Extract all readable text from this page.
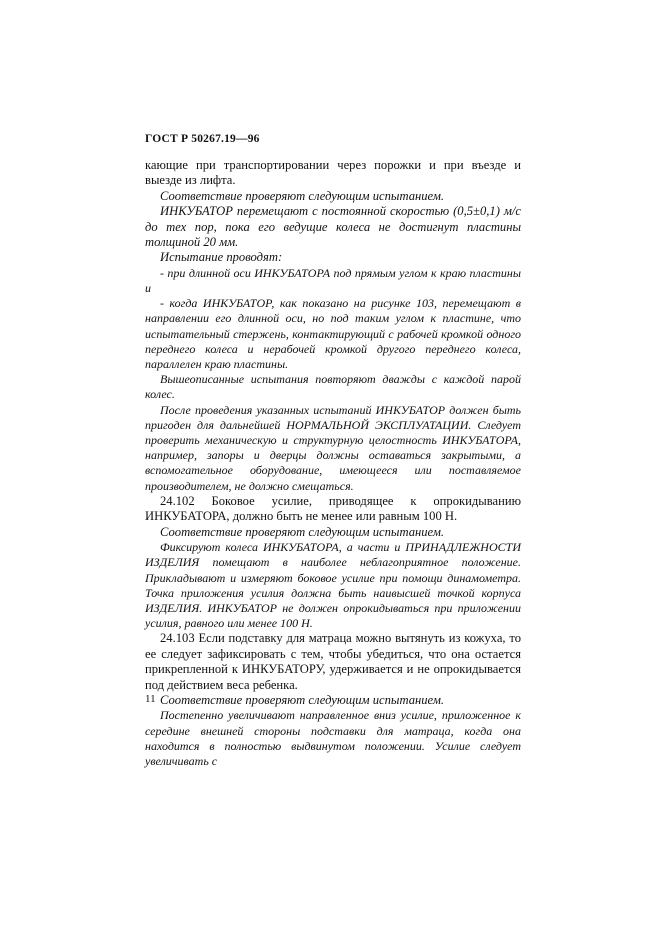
ГОСТ Р 50267.19—96

кающие при транспортировании через порожки и при въезде и выезде из лифта.

Соответствие проверяют следующим испытанием.

ИНКУБАТОР перемещают с постоянной скоростью (0,5±0,1) м/с до тех пор, пока его ведущие колеса не достигнут пластины толщиной 20 мм.

Испытание проводят:

- при длинной оси ИНКУБАТОРА под прямым углом к краю пластины и

- когда ИНКУБАТОР, как показано на рисунке 103, перемещают в направлении его длинной оси, но под таким углом к пластине, что испытательный стержень, контактирующий с рабочей кромкой одного переднего колеса и нерабочей кромкой другого переднего колеса, параллелен краю пластины.

Вышеописанные испытания повторяют дважды с каждой парой колес.

После проведения указанных испытаний ИНКУБАТОР должен быть пригоден для дальнейшей НОРМАЛЬНОЙ ЭКСПЛУАТАЦИИ. Следует проверить механическую и структурную целостность ИНКУБАТОРА, например, запоры и дверцы должны оставаться закрытыми, а вспомогательное оборудование, имеющееся или поставляемое производителем, не должно смещаться.

24.102 Боковое усилие, приводящее к опрокидыванию ИНКУБАТОРА, должно быть не менее или равным 100 Н.

Соответствие проверяют следующим испытанием.

Фиксируют колеса ИНКУБАТОРА, а части и ПРИНАДЛЕЖНОСТИ ИЗДЕЛИЯ помещают в наиболее неблагоприятное положение. Прикладывают и измеряют боковое усилие при помощи динамометра. Точка приложения усилия должна быть наивысшей точкой корпуса ИЗДЕЛИЯ. ИНКУБАТОР не должен опрокидываться при приложении усилия, равного или менее 100 Н.

24.103 Если подставку для матраца можно вытянуть из кожуха, то ее следует зафиксировать с тем, чтобы убедиться, что она остается прикрепленной к ИНКУБАТОРУ, удерживается и не опрокидывается под действием веса ребенка.

Соответствие проверяют следующим испытанием.

Постепенно увеличивают направленное вниз усилие, приложенное к середине внешней стороны подставки для матраца, когда она находится в полностью выдвинутом положении. Усилие следует увеличивать с

11
